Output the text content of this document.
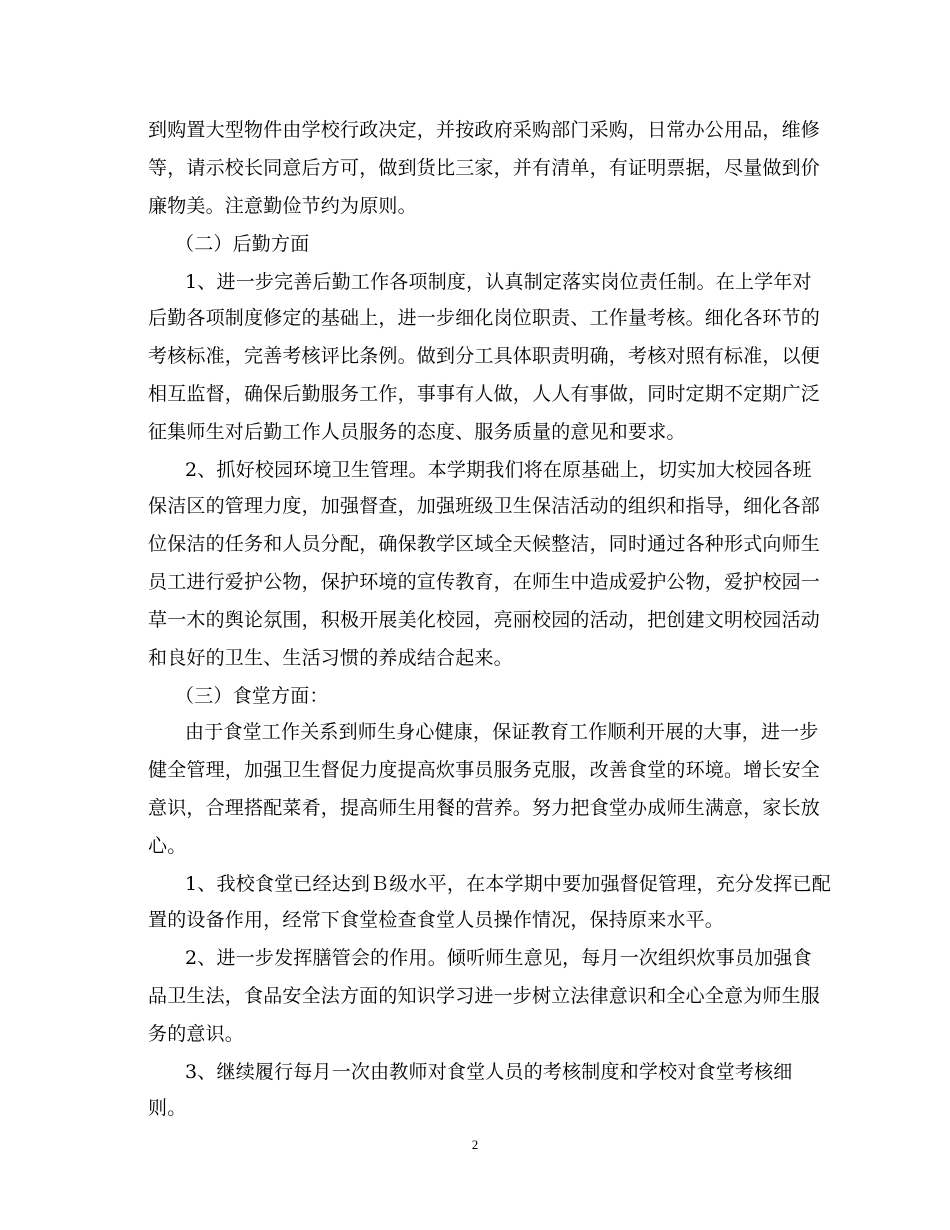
到购置大型物件由学校行政决定，并按政府采购部门采购，日常办公用品，维修
等，请示校长同意后方可，做到货比三家，并有清单，有证明票据，尽量做到价
廉物美。注意勤俭节约为原则。
（二）后勤方面
1、进一步完善后勤工作各项制度，认真制定落实岗位责任制。在上学年对
后勤各项制度修定的基础上，进一步细化岗位职责、工作量考核。细化各环节的
考核标准，完善考核评比条例。做到分工具体职责明确，考核对照有标准，以便
相互监督，确保后勤服务工作，事事有人做，人人有事做，同时定期不定期广泛
征集师生对后勤工作人员服务的态度、服务质量的意见和要求。
2、抓好校园环境卫生管理。本学期我们将在原基础上，切实加大校园各班
保洁区的管理力度，加强督查，加强班级卫生保洁活动的组织和指导，细化各部
位保洁的任务和人员分配，确保教学区域全天候整洁，同时通过各种形式向师生
员工进行爱护公物，保护环境的宣传教育，在师生中造成爱护公物，爱护校园一
草一木的舆论氛围，积极开展美化校园，亮丽校园的活动，把创建文明校园活动
和良好的卫生、生活习惯的养成结合起来。
（三）食堂方面：
由于食堂工作关系到师生身心健康，保证教育工作顺利开展的大事，进一步
健全管理，加强卫生督促力度提高炊事员服务克服，改善食堂的环境。增长安全
意识，合理搭配菜肴，提高师生用餐的营养。努力把食堂办成师生满意，家长放
心。
1、我校食堂已经达到Ｂ级水平，在本学期中要加强督促管理，充分发挥已配
置的设备作用，经常下食堂检查食堂人员操作情况，保持原来水平。
2、进一步发挥膳管会的作用。倾听师生意见，每月一次组织炊事员加强食
品卫生法，食品安全法方面的知识学习进一步树立法律意识和全心全意为师生服
务的意识。
3、继续履行每月一次由教师对食堂人员的考核制度和学校对食堂考核细
则。
2
